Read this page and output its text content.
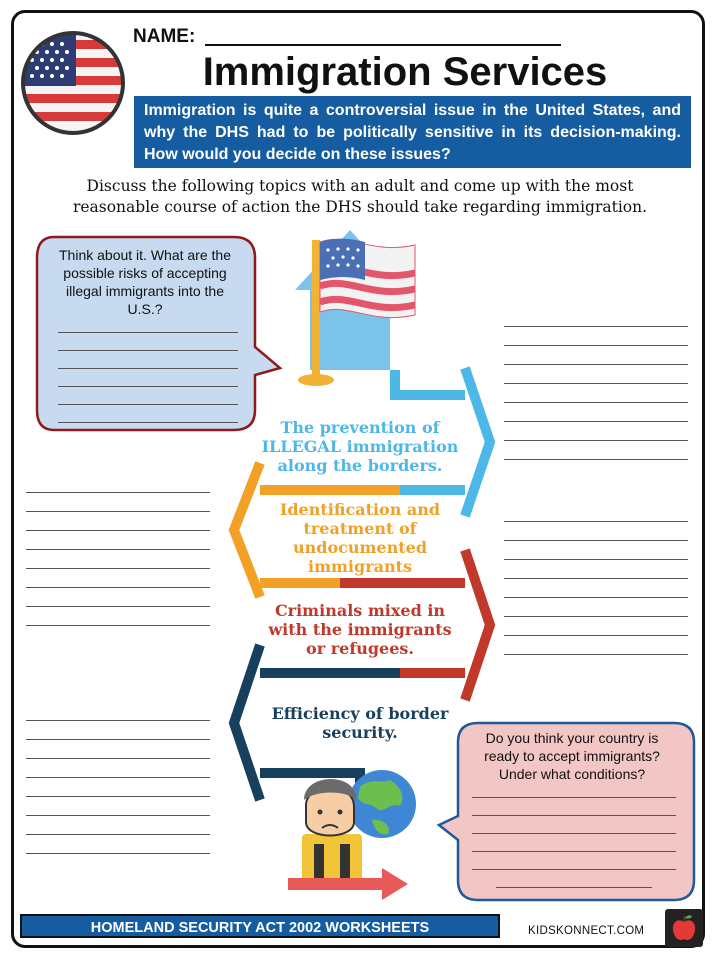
NAME:
Immigration Services
Immigration is quite a controversial issue in the United States, and why the DHS had to be politically sensitive in its decision-making. How would you decide on these issues?
Discuss the following topics with an adult and come up with the most reasonable course of action the DHS should take regarding immigration.
Think about it. What are the possible risks of accepting illegal immigrants into the U.S.?
Do you think your country is ready to accept immigrants? Under what conditions?
The prevention of ILLEGAL immigration along the borders.
Identification and treatment of undocumented immigrants
Criminals mixed in with the immigrants or refugees.
Efficiency of border security.
HOMELAND SECURITY ACT 2002 WORKSHEETS	KIDSKONNECT.COM
